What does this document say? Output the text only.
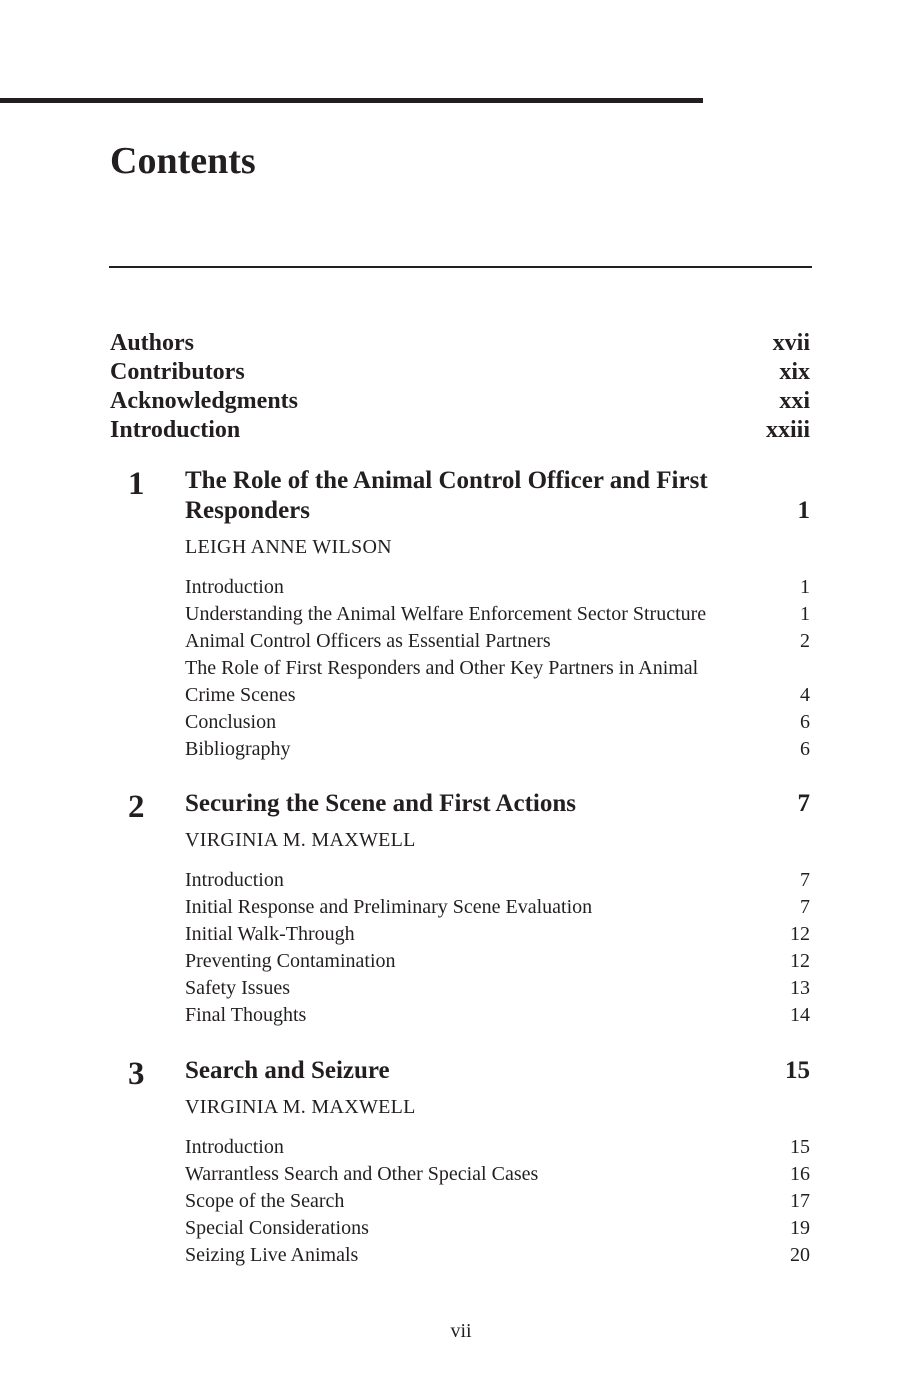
Contents
Authors	xvii
Contributors	xix
Acknowledgments	xxi
Introduction	xxiii
1 The Role of the Animal Control Officer and First Responders	1
LEIGH ANNE WILSON
Introduction	1
Understanding the Animal Welfare Enforcement Sector Structure	1
Animal Control Officers as Essential Partners	2
The Role of First Responders and Other Key Partners in Animal Crime Scenes	4
Conclusion	6
Bibliography	6
2 Securing the Scene and First Actions	7
VIRGINIA M. MAXWELL
Introduction	7
Initial Response and Preliminary Scene Evaluation	7
Initial Walk-Through	12
Preventing Contamination	12
Safety Issues	13
Final Thoughts	14
3 Search and Seizure	15
VIRGINIA M. MAXWELL
Introduction	15
Warrantless Search and Other Special Cases	16
Scope of the Search	17
Special Considerations	19
Seizing Live Animals	20
vii
